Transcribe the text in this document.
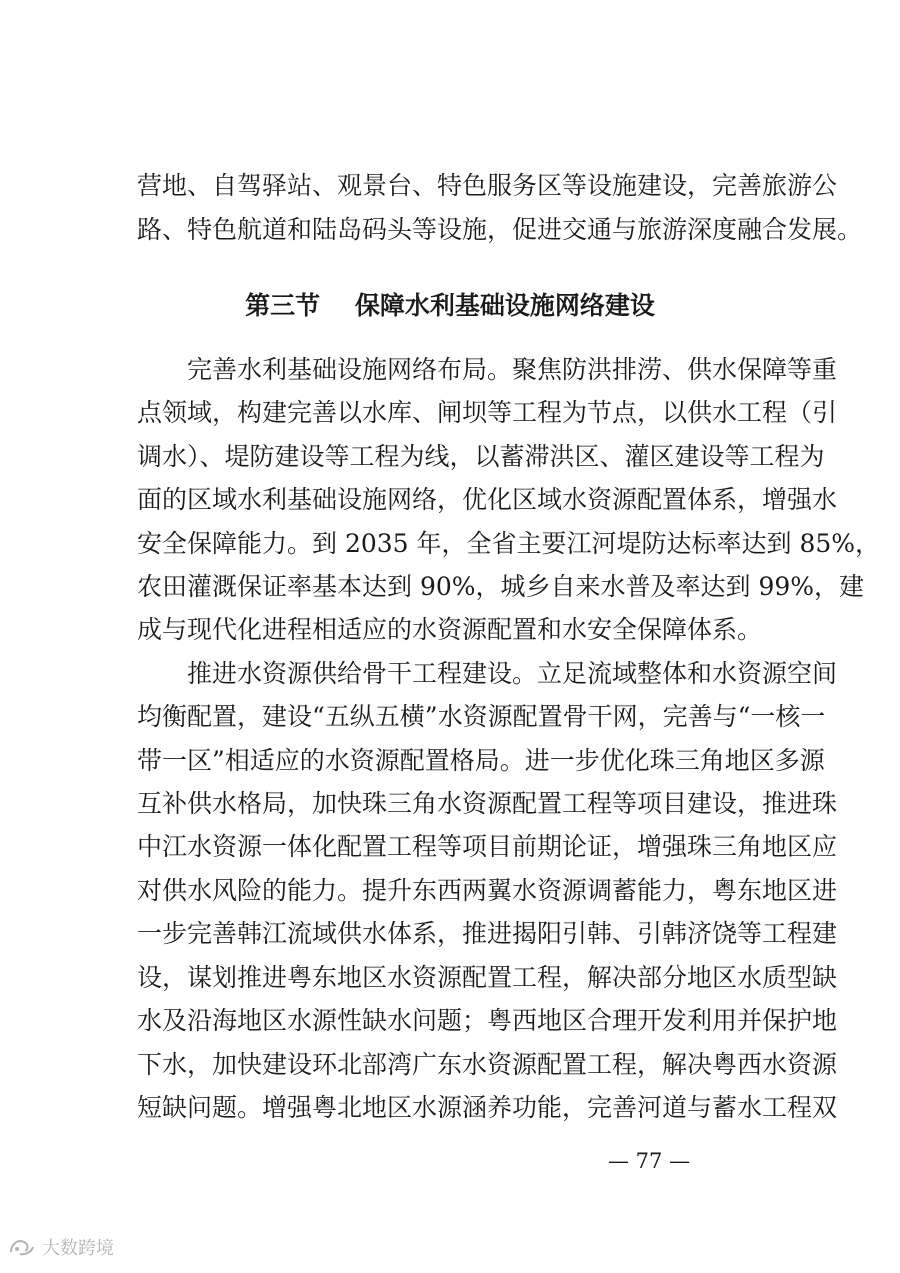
营地、自驾驿站、观景台、特色服务区等设施建设，完善旅游公
路、特色航道和陆岛码头等设施，促进交通与旅游深度融合发展。
第三节    保障水利基础设施网络建设
　　完善水利基础设施网络布局。聚焦防洪排涝、供水保障等重
点领域，构建完善以水库、闸坝等工程为节点，以供水工程（引
调水）、堤防建设等工程为线，以蓄滞洪区、灌区建设等工程为
面的区域水利基础设施网络，优化区域水资源配置体系，增强水
安全保障能力。到 2035 年，全省主要江河堤防达标率达到 85%，
农田灌溉保证率基本达到 90%，城乡自来水普及率达到 99%，建
成与现代化进程相适应的水资源配置和水安全保障体系。
　　推进水资源供给骨干工程建设。立足流域整体和水资源空间
均衡配置，建设“五纵五横”水资源配置骨干网，完善与“一核一
带一区”相适应的水资源配置格局。进一步优化珠三角地区多源
互补供水格局，加快珠三角水资源配置工程等项目建设，推进珠
中江水资源一体化配置工程等项目前期论证，增强珠三角地区应
对供水风险的能力。提升东西两翼水资源调蓄能力，粤东地区进
一步完善韩江流域供水体系，推进揭阳引韩、引韩济饶等工程建
设，谋划推进粤东地区水资源配置工程，解决部分地区水质型缺
水及沿海地区水源性缺水问题；粤西地区合理开发利用并保护地
下水，加快建设环北部湾广东水资源配置工程，解决粤西水资源
短缺问题。增强粤北地区水源涵养功能，完善河道与蓄水工程双
— 77 —
大数跨境
